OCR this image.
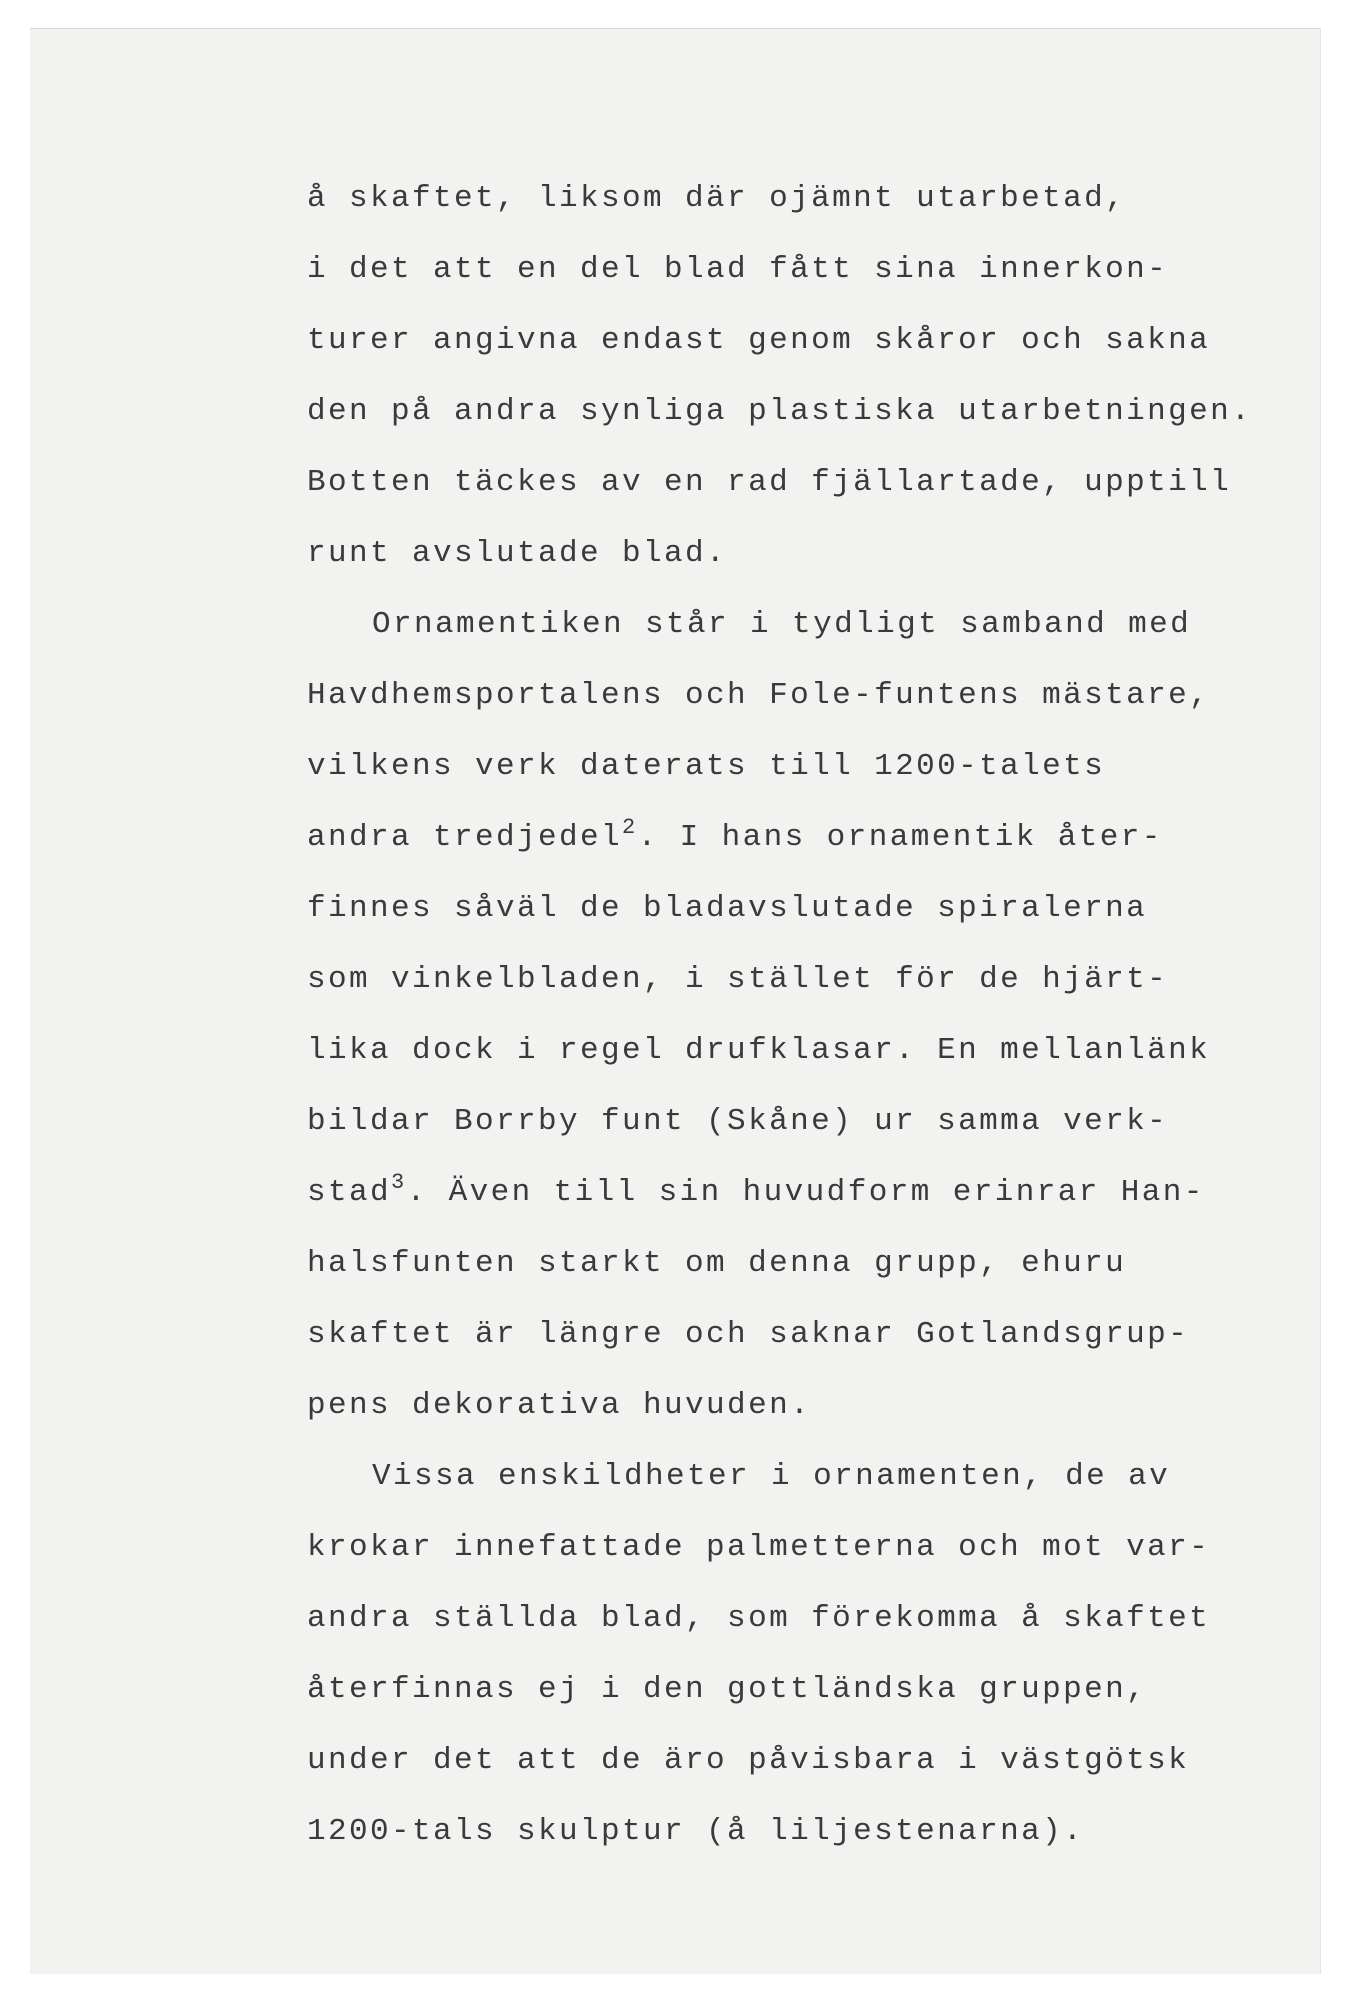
å skaftet, liksom där ojämnt utarbetad,
i det att en del blad fått sina innerkon-
turer angivna endast genom skåror och sakna
den på andra synliga plastiska utarbetningen.
Botten täckes av en rad fjällartade, upptill
runt avslutade blad.
Ornamentiken står i tydligt samband med
Havdhemsportalens och Fole-funtens mästare,
vilkens verk daterats till 1200-talets
andra tredjedel$^2$. I hans ornamentik åter-
finnes såväl de bladavslutade spiralerna
som vinkelbladen, i stället för de hjärt-
lika dock i regel drufklasar. En mellanlänk
bildar Borrby funt (Skåne) ur samma verk-
stad$^3$. Även till sin huvudform erinrar Han-
halsfunten starkt om denna grupp, ehuru
skaftet är längre och saknar Gotlandsgrup-
pens dekorativa huvuden.
Vissa enskildheter i ornamenten, de av
krokar innefattade palmetterna och mot var-
andra ställda blad, som förekomma å skaftet
återfinnas ej i den gottländska gruppen,
under det att de äro påvisbara i västgötsk
1200-tals skulptur (å liljestenarna).
